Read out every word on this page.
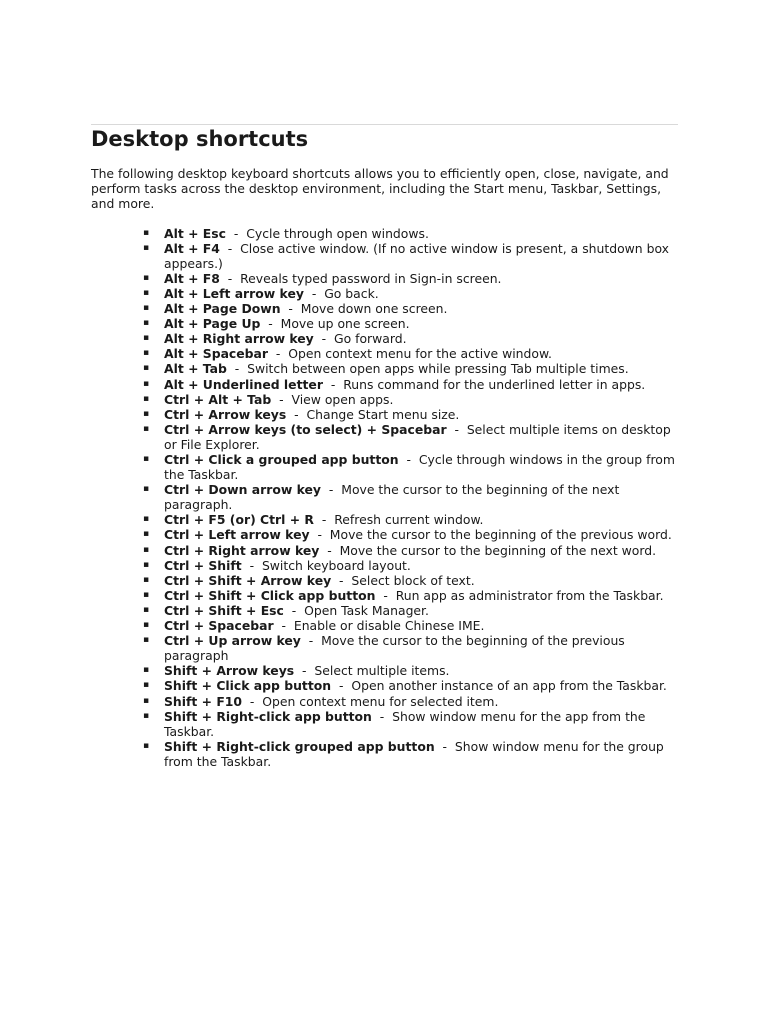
Desktop shortcuts

The following desktop keyboard shortcuts allows you to efficiently open, close, navigate, and perform tasks across the desktop environment, including the Start menu, Taskbar, Settings, and more.

▪ Alt + Esc  -  Cycle through open windows.
▪ Alt + F4  -  Close active window. (If no active window is present, a shutdown box appears.)
▪ Alt + F8  -  Reveals typed password in Sign-in screen.
▪ Alt + Left arrow key  -  Go back.
▪ Alt + Page Down  -  Move down one screen.
▪ Alt + Page Up  -  Move up one screen.
▪ Alt + Right arrow key  -  Go forward.
▪ Alt + Spacebar  -  Open context menu for the active window.
▪ Alt + Tab  -  Switch between open apps while pressing Tab multiple times.
▪ Alt + Underlined letter  -  Runs command for the underlined letter in apps.
▪ Ctrl + Alt + Tab  -  View open apps.
▪ Ctrl + Arrow keys  -  Change Start menu size.
▪ Ctrl + Arrow keys (to select) + Spacebar  -  Select multiple items on desktop or File Explorer.
▪ Ctrl + Click a grouped app button  -  Cycle through windows in the group from the Taskbar.
▪ Ctrl + Down arrow key  -  Move the cursor to the beginning of the next paragraph.
▪ Ctrl + F5 (or) Ctrl + R  -  Refresh current window.
▪ Ctrl + Left arrow key  -  Move the cursor to the beginning of the previous word.
▪ Ctrl + Right arrow key  -  Move the cursor to the beginning of the next word.
▪ Ctrl + Shift  -  Switch keyboard layout.
▪ Ctrl + Shift + Arrow key  -  Select block of text.
▪ Ctrl + Shift + Click app button  -  Run app as administrator from the Taskbar.
▪ Ctrl + Shift + Esc  -  Open Task Manager.
▪ Ctrl + Spacebar  -  Enable or disable Chinese IME.
▪ Ctrl + Up arrow key  -  Move the cursor to the beginning of the previous paragraph
▪ Shift + Arrow keys  -  Select multiple items.
▪ Shift + Click app button  -  Open another instance of an app from the Taskbar.
▪ Shift + F10  -  Open context menu for selected item.
▪ Shift + Right-click app button  -  Show window menu for the app from the Taskbar.
▪ Shift + Right-click grouped app button  -  Show window menu for the group from the Taskbar.
